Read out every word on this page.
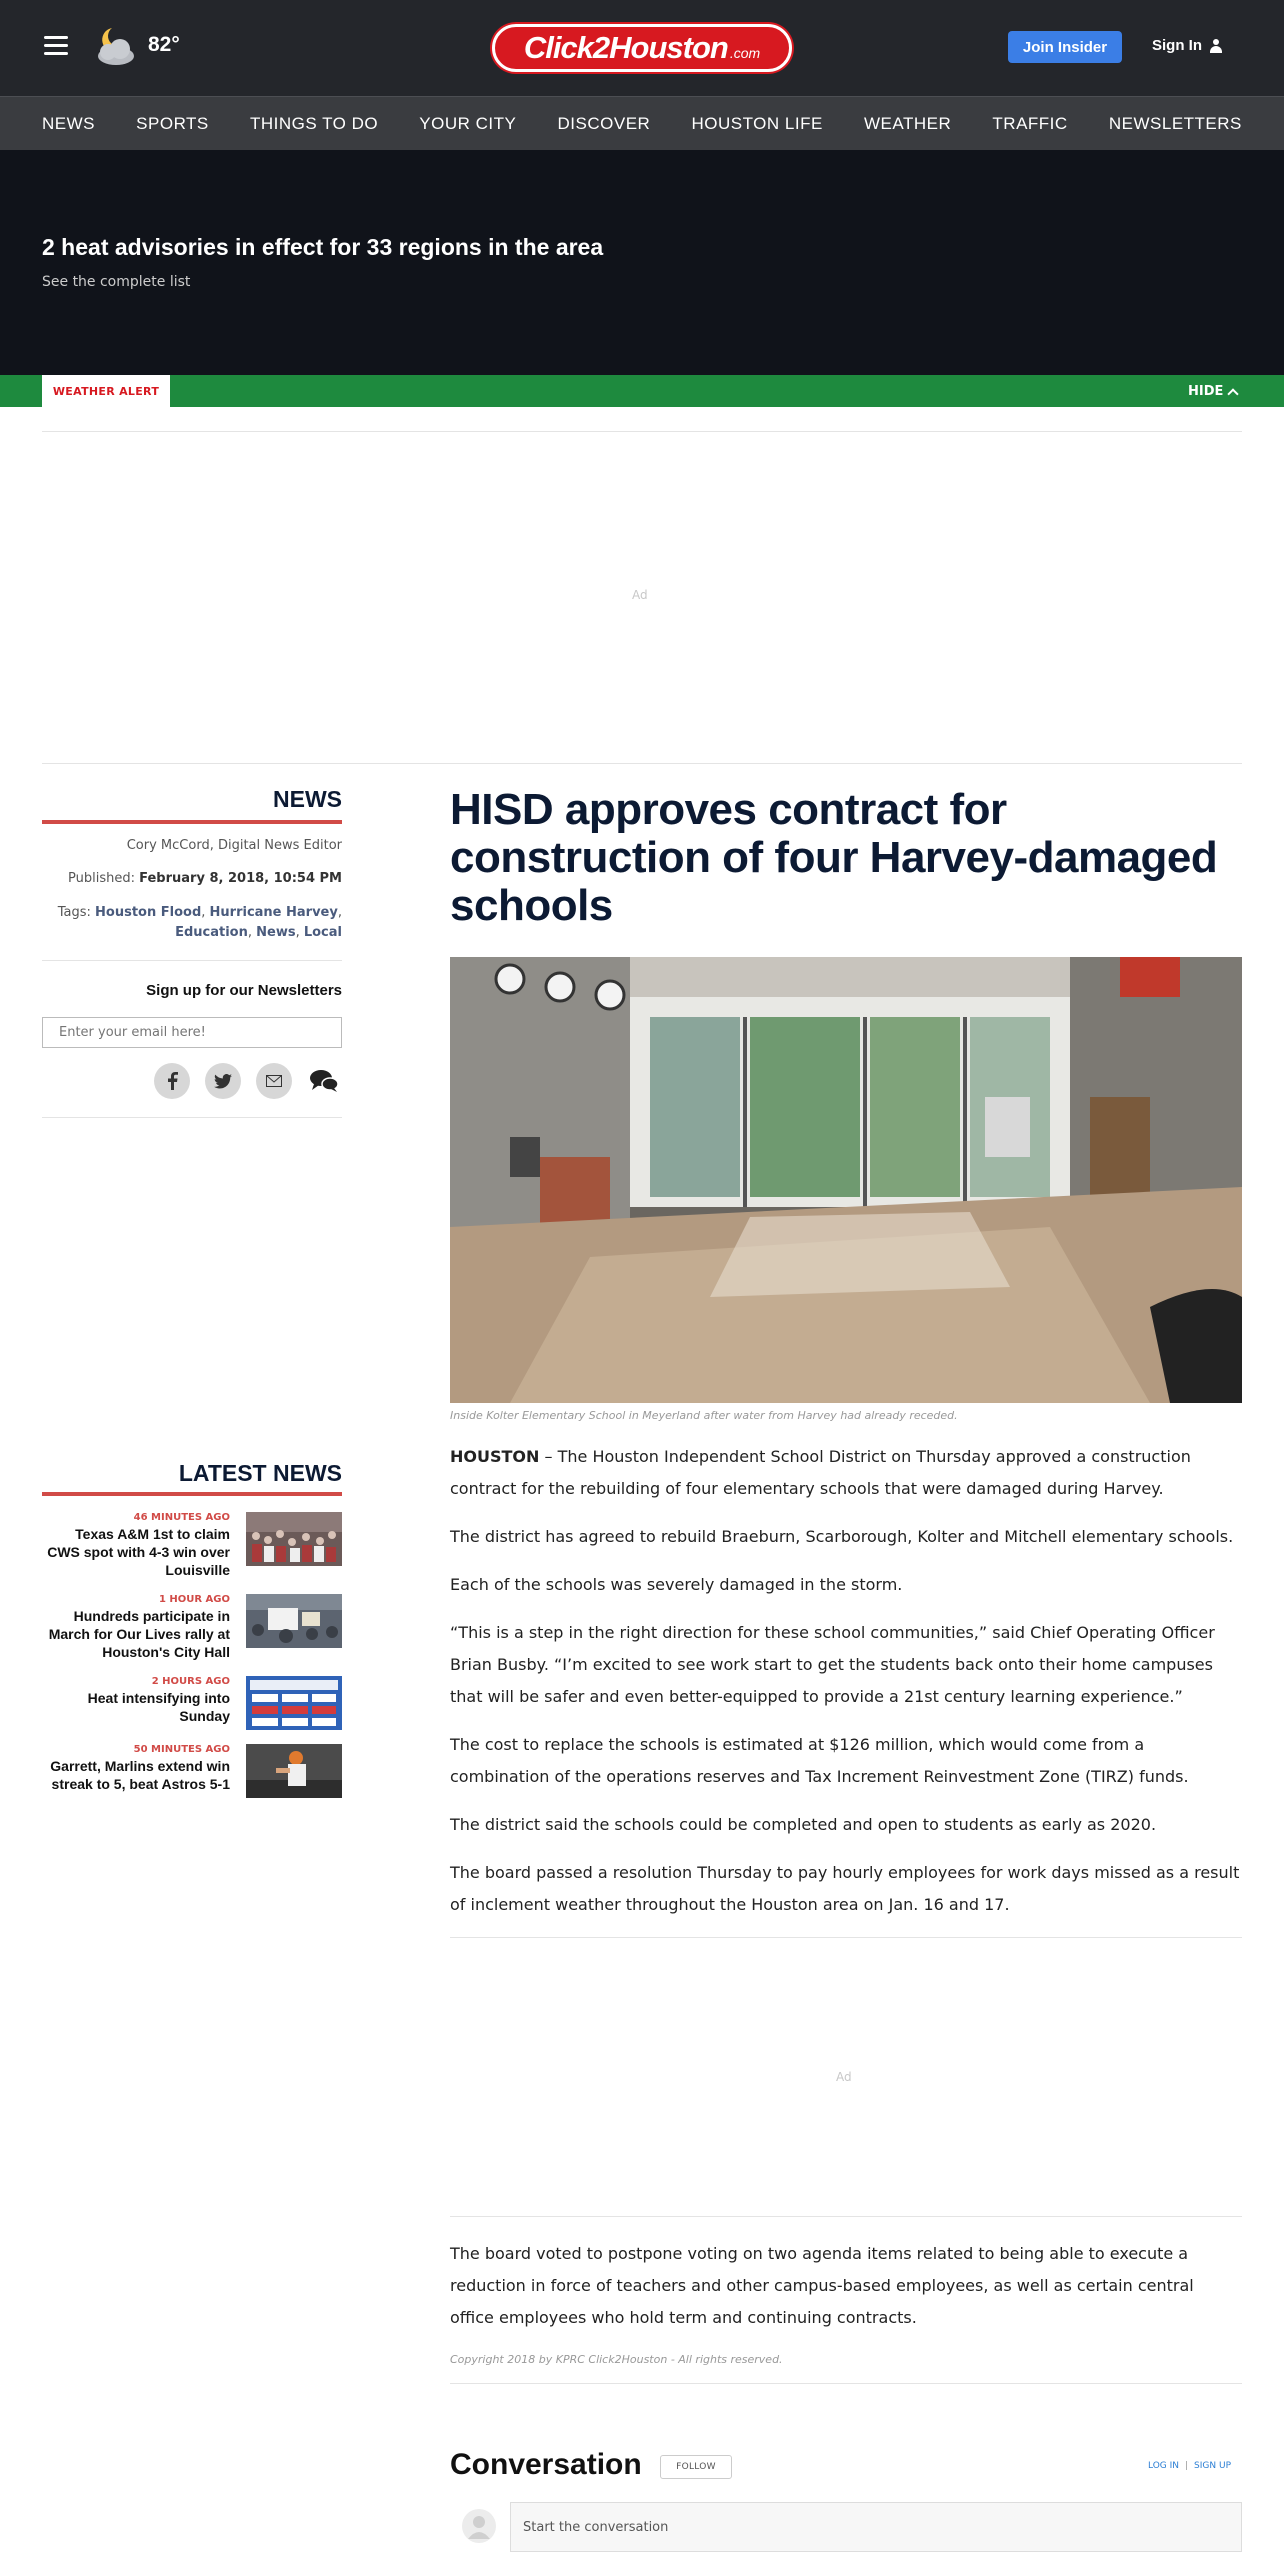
82°	Click2Houston .com	Join Insider	Sign In
NEWS SPORTS THINGS TO DO YOUR CITY DISCOVER HOUSTON LIFE WEATHER TRAFFIC NEWSLETTERS
2 heat advisories in effect for 33 regions in the area
See the complete list
WEATHER ALERT	HIDE
Ad
NEWS
Cory McCord, Digital News Editor
Published: February 8, 2018, 10:54 PM
Tags: Houston Flood, Hurricane Harvey,
Education, News, Local
Sign up for our Newsletters
Enter your email here!
LATEST NEWS
46 MINUTES AGO
Texas A&M 1st to claim CWS spot with 4-3 win over Louisville
1 HOUR AGO
Hundreds participate in March for Our Lives rally at Houston's City Hall
2 HOURS AGO
Heat intensifying into Sunday
50 MINUTES AGO
Garrett, Marlins extend win streak to 5, beat Astros 5-1
HISD approves contract for construction of four Harvey-damaged schools
Inside Kolter Elementary School in Meyerland after water from Harvey had already receded.

HOUSTON – The Houston Independent School District on Thursday approved a construction contract for the rebuilding of four elementary schools that were damaged during Harvey.

The district has agreed to rebuild Braeburn, Scarborough, Kolter and Mitchell elementary schools.

Each of the schools was severely damaged in the storm.

“This is a step in the right direction for these school communities,” said Chief Operating Officer Brian Busby. “I’m excited to see work start to get the students back onto their home campuses that will be safer and even better-equipped to provide a 21st century learning experience.”

The cost to replace the schools is estimated at $126 million, which would come from a combination of the operations reserves and Tax Increment Reinvestment Zone (TIRZ) funds.

The district said the schools could be completed and open to students as early as 2020.

The board passed a resolution Thursday to pay hourly employees for work days missed as a result of inclement weather throughout the Houston area on Jan. 16 and 17.

Ad

The board voted to postpone voting on two agenda items related to being able to execute a reduction in force of teachers and other campus-based employees, as well as certain central office employees who hold term and continuing contracts.

Copyright 2018 by KPRC Click2Houston - All rights reserved.
Conversation	FOLLOW	LOG IN | SIGN UP
Start the conversation
